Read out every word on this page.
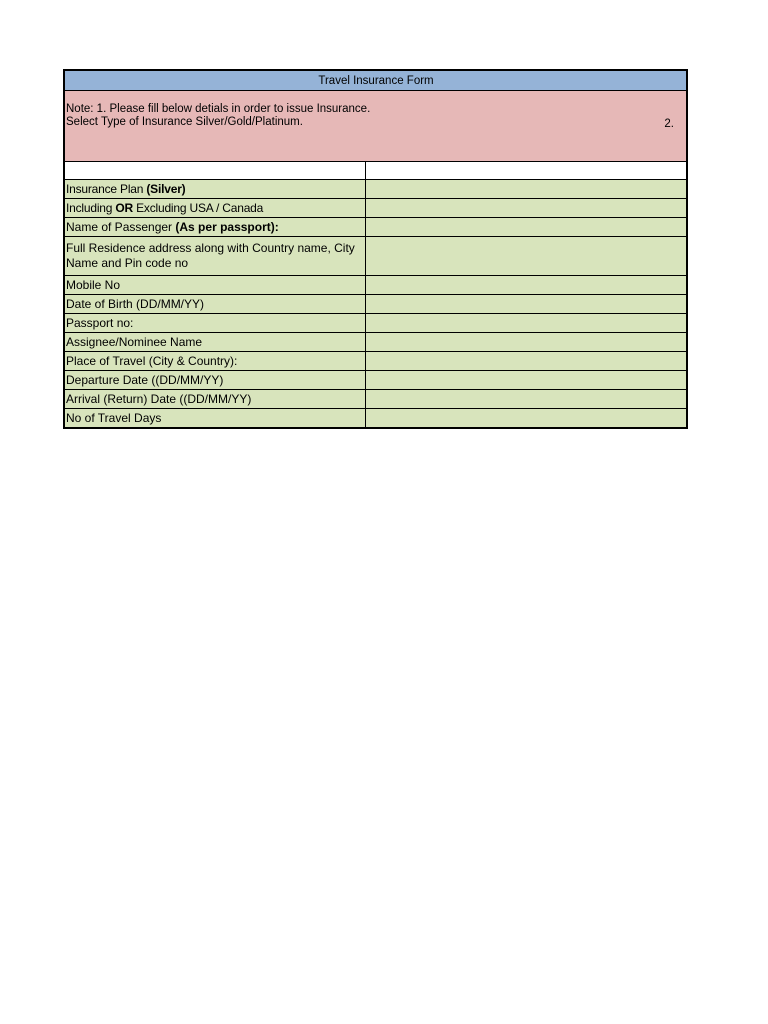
Travel Insurance Form	

Note: 1. Please fill below detials in order to issue Insurance.
Select Type of Insurance Silver/Gold/Platinum. 2.	

Insurance Plan (Silver)	
Including OR Excluding USA / Canada	
Name of Passenger (As per passport):	
Full Residence address along with Country name, City Name and Pin code no	
Mobile No	
Date of Birth (DD/MM/YY)	
Passport no:	
Assignee/Nominee Name	
Place of Travel (City & Country):	
Departure Date ((DD/MM/YY)	
Arrival (Return) Date ((DD/MM/YY)	
No of Travel Days	
